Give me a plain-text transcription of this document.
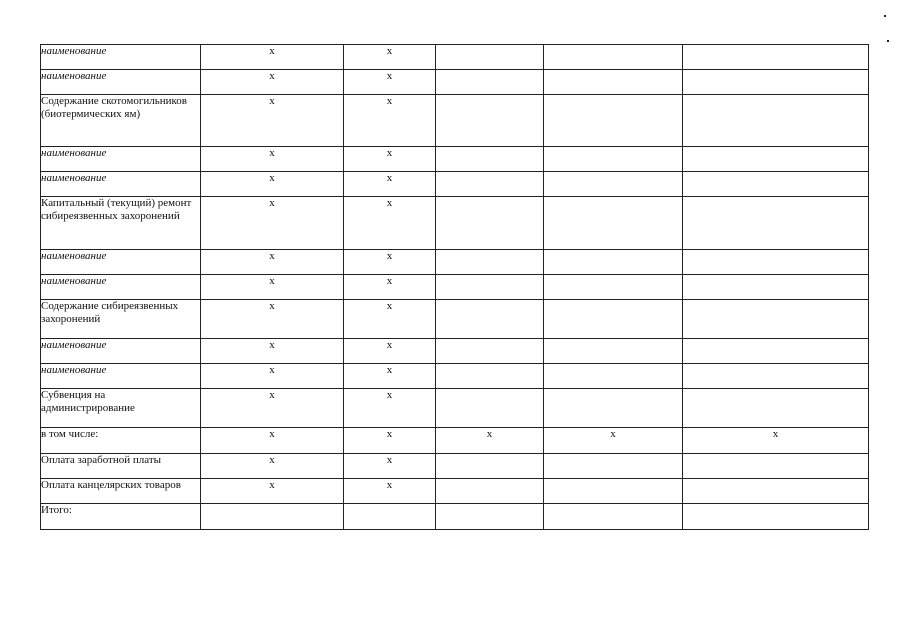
наименование	x	x			
наименование	x	x			
Содержание скотомогильников (биотермических ям)	x	x			
наименование	x	x			
наименование	x	x			
Капитальный (текущий) ремонт сибиреязвенных захоронений	x	x			
наименование	x	x			
наименование	x	x			
Содержание сибиреязвенных захоронений	x	x			
наименование	x	x			
наименование	x	x			
Субвенция на администрирование	x	x			
в том числе:	x	x	x	x	x
Оплата заработной платы	x	x			
Оплата канцелярских товаров	x	x			
Итого:					
